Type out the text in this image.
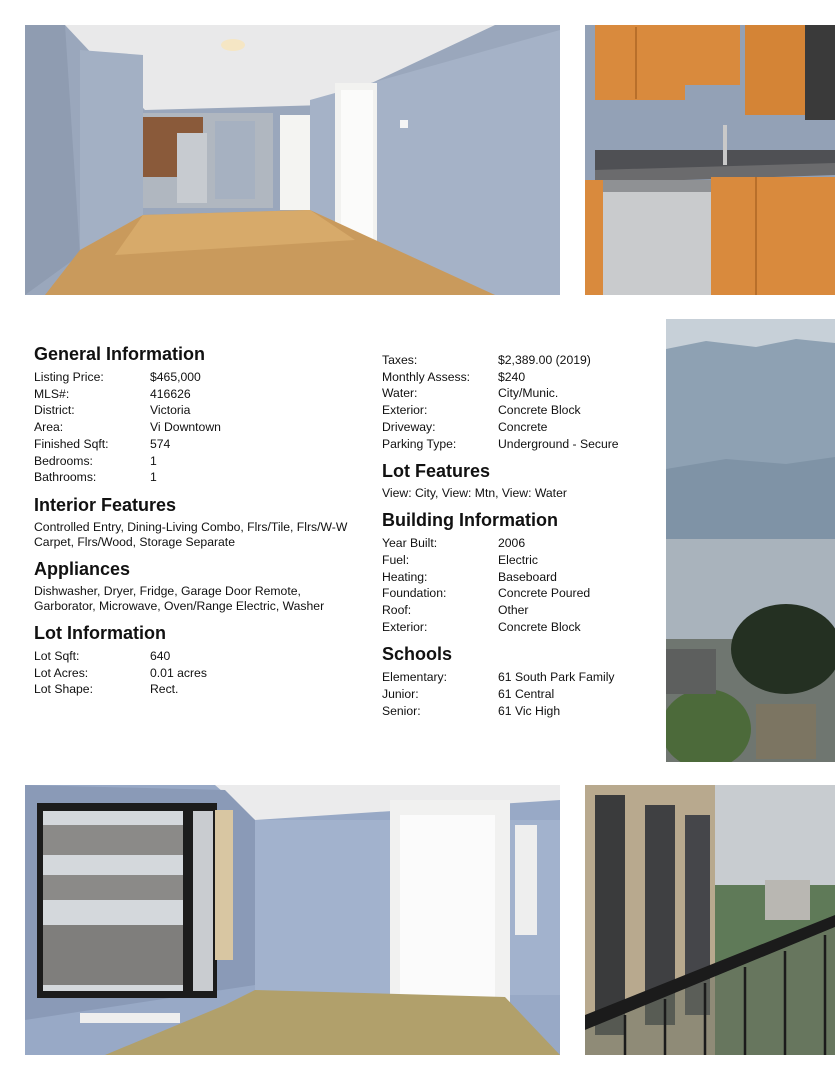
General Information
Listing Price:	$465,000
MLS#:	416626
District:	Victoria
Area:	Vi Downtown
Finished Sqft:	574
Bedrooms:	1
Bathrooms:	1
Interior Features
Controlled Entry, Dining-Living Combo, Flrs/Tile, Flrs/W-W Carpet, Flrs/Wood, Storage Separate
Appliances
Dishwasher, Dryer, Fridge, Garage Door Remote, Garborator, Microwave, Oven/Range Electric, Washer
Lot Information
Lot Sqft:	640
Lot Acres:	0.01 acres
Lot Shape:	Rect.
Taxes:	$2,389.00 (2019)
Monthly Assess:	$240
Water:	City/Munic.
Exterior:	Concrete Block
Driveway:	Concrete
Parking Type:	Underground - Secure
Lot Features
View: City, View: Mtn, View: Water
Building Information
Year Built:	2006
Fuel:	Electric
Heating:	Baseboard
Foundation:	Concrete Poured
Roof:	Other
Exterior:	Concrete Block
Schools
Elementary:	61 South Park Family
Junior:	61 Central
Senior:	61 Vic High
